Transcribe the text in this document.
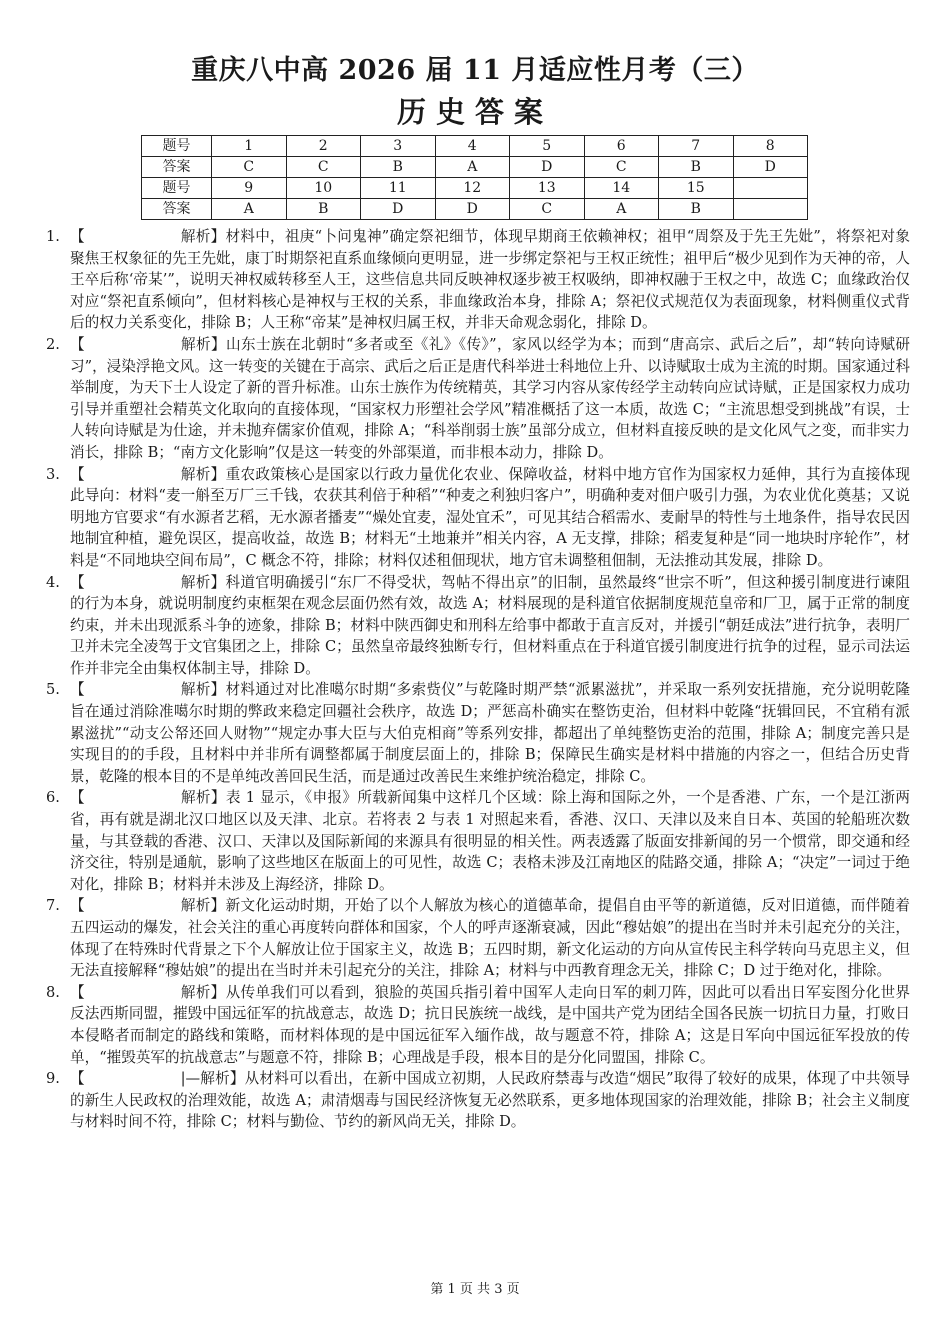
重庆八中高 2026 届 11 月适应性月考（三）
历史答案
题号	1	2	3	4	5	6	7	8
答案	C	C	B	A	D	C	B	D
题号	9	10	11	12	13	14	15	
答案	A	B	D	D	C	A	B	
1. 【	解析】材料中，祖庚“卜问鬼神”确定祭祀细节，体现早期商王依赖神权；祖甲“周祭及于先王先妣”，将祭祀对象聚焦王权象征的先王先妣，康丁时期祭祀直系血缘倾向更明显，进一步绑定祭祀与王权正统性；祖甲后“极少见到作为天神的帝，人王卒后称‘帝某’”，说明天神权威转移至人王，这些信息共同反映神权逐步被王权吸纳，即神权融于王权之中，故选 C；血缘政治仅对应“祭祀直系倾向”，但材料核心是神权与王权的关系，非血缘政治本身，排除 A；祭祀仪式规范仅为表面现象，材料侧重仪式背后的权力关系变化，排除 B；人王称“帝某”是神权归属王权，并非天命观念弱化，排除 D。
2. 【	解析】山东士族在北朝时“多者或至《礼》《传》”，家风以经学为本；而到“唐高宗、武后之后”，却“转向诗赋研习”，浸染浮艳文风。这一转变的关键在于高宗、武后之后正是唐代科举进士科地位上升、以诗赋取士成为主流的时期。国家通过科举制度，为天下士人设定了新的晋升标准。山东士族作为传统精英，其学习内容从家传经学主动转向应试诗赋，正是国家权力成功引导并重塑社会精英文化取向的直接体现，“国家权力形塑社会学风”精准概括了这一本质，故选 C；“主流思想受到挑战”有误，士人转向诗赋是为仕途，并未抛弃儒家价值观，排除 A；“科举削弱士族”虽部分成立，但材料直接反映的是文化风气之变，而非实力消长，排除 B；“南方文化影响”仅是这一转变的外部渠道，而非根本动力，排除 D。
3. 【	解析】重农政策核心是国家以行政力量优化农业、保障收益，材料中地方官作为国家权力延伸，其行为直接体现此导向：材料“麦一斛至万厂三千钱，农获其利倍于种稻”“种麦之利独归客户”，明确种麦对佃户吸引力强，为农业优化奠基；又说明地方官要求“有水源者艺稻，无水源者播麦”“燥处宜麦，湿处宜禾”，可见其结合稻需水、麦耐旱的特性与土地条件，指导农民因地制宜种植，避免误区，提高收益，故选 B；材料无“土地兼并”相关内容，A 无支撑，排除；稻麦复种是“同一地块时序轮作”，材料是“不同地块空间布局”，C 概念不符，排除；材料仅述租佃现状，地方官未调整租佃制，无法推动其发展，排除 D。
4. 【	解析】科道官明确援引“东厂不得受状，驾帖不得出京”的旧制，虽然最终“世宗不听”，但这种援引制度进行谏阻的行为本身，就说明制度约束框架在观念层面仍然有效，故选 A；材料展现的是科道官依据制度规范皇帝和厂卫，属于正常的制度约束，并未出现派系斗争的迹象，排除 B；材料中陕西御史和刑科左给事中都敢于直言反对，并援引“朝廷成法”进行抗争，表明厂卫并未完全凌驾于文官集团之上，排除 C；虽然皇帝最终独断专行，但材料重点在于科道官援引制度进行抗争的过程，显示司法运作并非完全由集权体制主导，排除 D。
5. 【	解析】材料通过对比准噶尔时期“多索赀仪”与乾隆时期严禁“派累滋扰”，并采取一系列安抚措施，充分说明乾隆旨在通过消除准噶尔时期的弊政来稳定回疆社会秩序，故选 D；严惩高朴确实在整饬吏治，但材料中乾隆“抚辑回民，不宜稍有派累滋扰”“动支公帑还回人财物”“规定办事大臣与大伯克相商”等系列安排，都超出了单纯整饬吏治的范围，排除 A；制度完善只是实现目的的手段，且材料中并非所有调整都属于制度层面上的，排除 B；保障民生确实是材料中措施的内容之一，但结合历史背景，乾隆的根本目的不是单纯改善回民生活，而是通过改善民生来维护统治稳定，排除 C。
6. 【	解析】表 1 显示，《申报》所载新闻集中这样几个区域：除上海和国际之外，一个是香港、广东，一个是江浙两省，再有就是湖北汉口地区以及天津、北京。若将表 2 与表 1 对照起来看，香港、汉口、天津以及来自日本、英国的轮船班次数量，与其登载的香港、汉口、天津以及国际新闻的来源具有很明显的相关性。两表透露了版面安排新闻的另一个惯常，即交通和经济交往，特别是通航，影响了这些地区在版面上的可见性，故选 C；表格未涉及江南地区的陆路交通，排除 A；“决定”一词过于绝对化，排除 B；材料并未涉及上海经济，排除 D。
7. 【	解析】新文化运动时期，开始了以个人解放为核心的道德革命，提倡自由平等的新道德，反对旧道德，而伴随着五四运动的爆发，社会关注的重心再度转向群体和国家，个人的呼声逐渐衰减，因此“穆姑娘”的提出在当时并未引起充分的关注，体现了在特殊时代背景之下个人解放让位于国家主义，故选 B；五四时期，新文化运动的方向从宣传民主科学转向马克思主义，但无法直接解释“穆姑娘”的提出在当时并未引起充分的关注，排除 A；材料与中西教育理念无关，排除 C；D 过于绝对化，排除。
8. 【	解析】从传单我们可以看到，狼脸的英国兵指引着中国军人走向日军的刺刀阵，因此可以看出日军妄图分化世界反法西斯同盟，摧毁中国远征军的抗战意志，故选 D；抗日民族统一战线，是中国共产党为团结全国各民族一切抗日力量，打败日本侵略者而制定的路线和策略，而材料体现的是中国远征军入缅作战，故与题意不符，排除 A；这是日军向中国远征军投放的传单，“摧毁英军的抗战意志”与题意不符，排除 B；心理战是手段，根本目的是分化同盟国，排除 C。
9. 【	|—解析】从材料可以看出，在新中国成立初期，人民政府禁毒与改造“烟民”取得了较好的成果，体现了中共领导的新生人民政权的治理效能，故选 A；肃清烟毒与国民经济恢复无必然联系，更多地体现国家的治理效能，排除 B；社会主义制度与材料时间不符，排除 C；材料与勤俭、节约的新风尚无关，排除 D。
第 1 页 共 3 页
